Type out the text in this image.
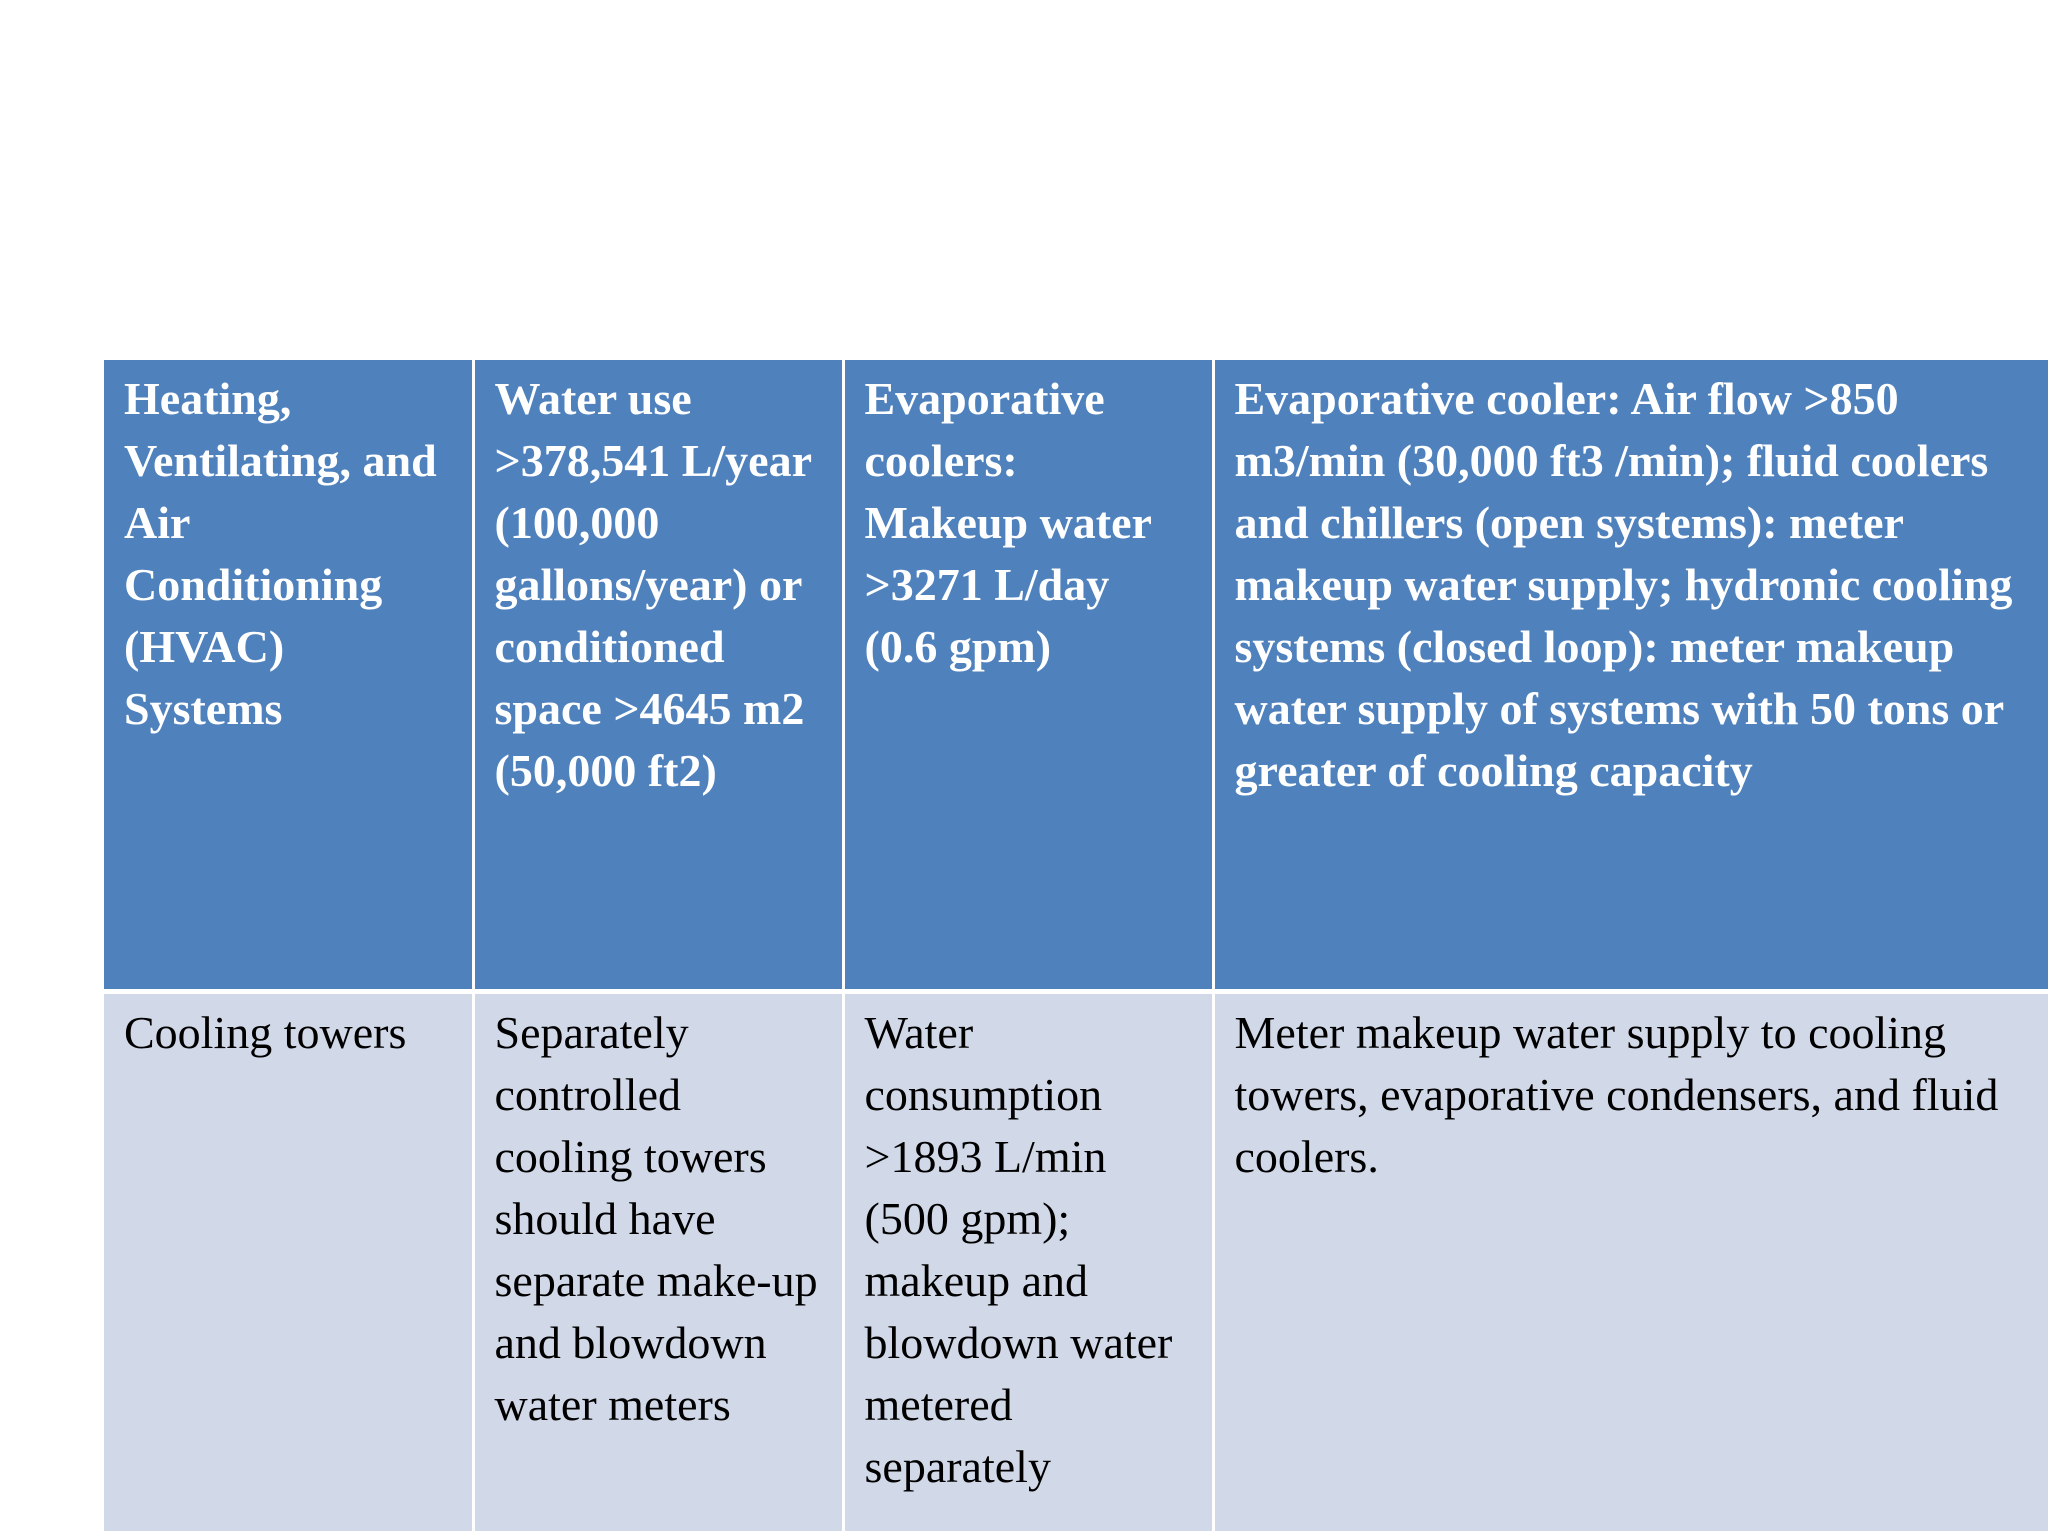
Heating, Ventilating, and Air Conditioning (HVAC) Systems	Water use >378,541 L/year (100,000 gallons/year) or conditioned space >4645 m2 (50,000 ft2)	Evaporative coolers: Makeup water >3271 L/day (0.6 gpm)	Evaporative cooler: Air flow >850 m3/min (30,000 ft3 /min); fluid coolers and chillers (open systems): meter makeup water supply; hydronic cooling systems (closed loop): meter makeup water supply of systems with 50 tons or greater of cooling capacity
Cooling towers	Separately controlled cooling towers should have separate make-up and blowdown water meters	Water consumption >1893 L/min (500 gpm); makeup and blowdown water metered separately	Meter makeup water supply to cooling towers, evaporative condensers, and fluid coolers.
